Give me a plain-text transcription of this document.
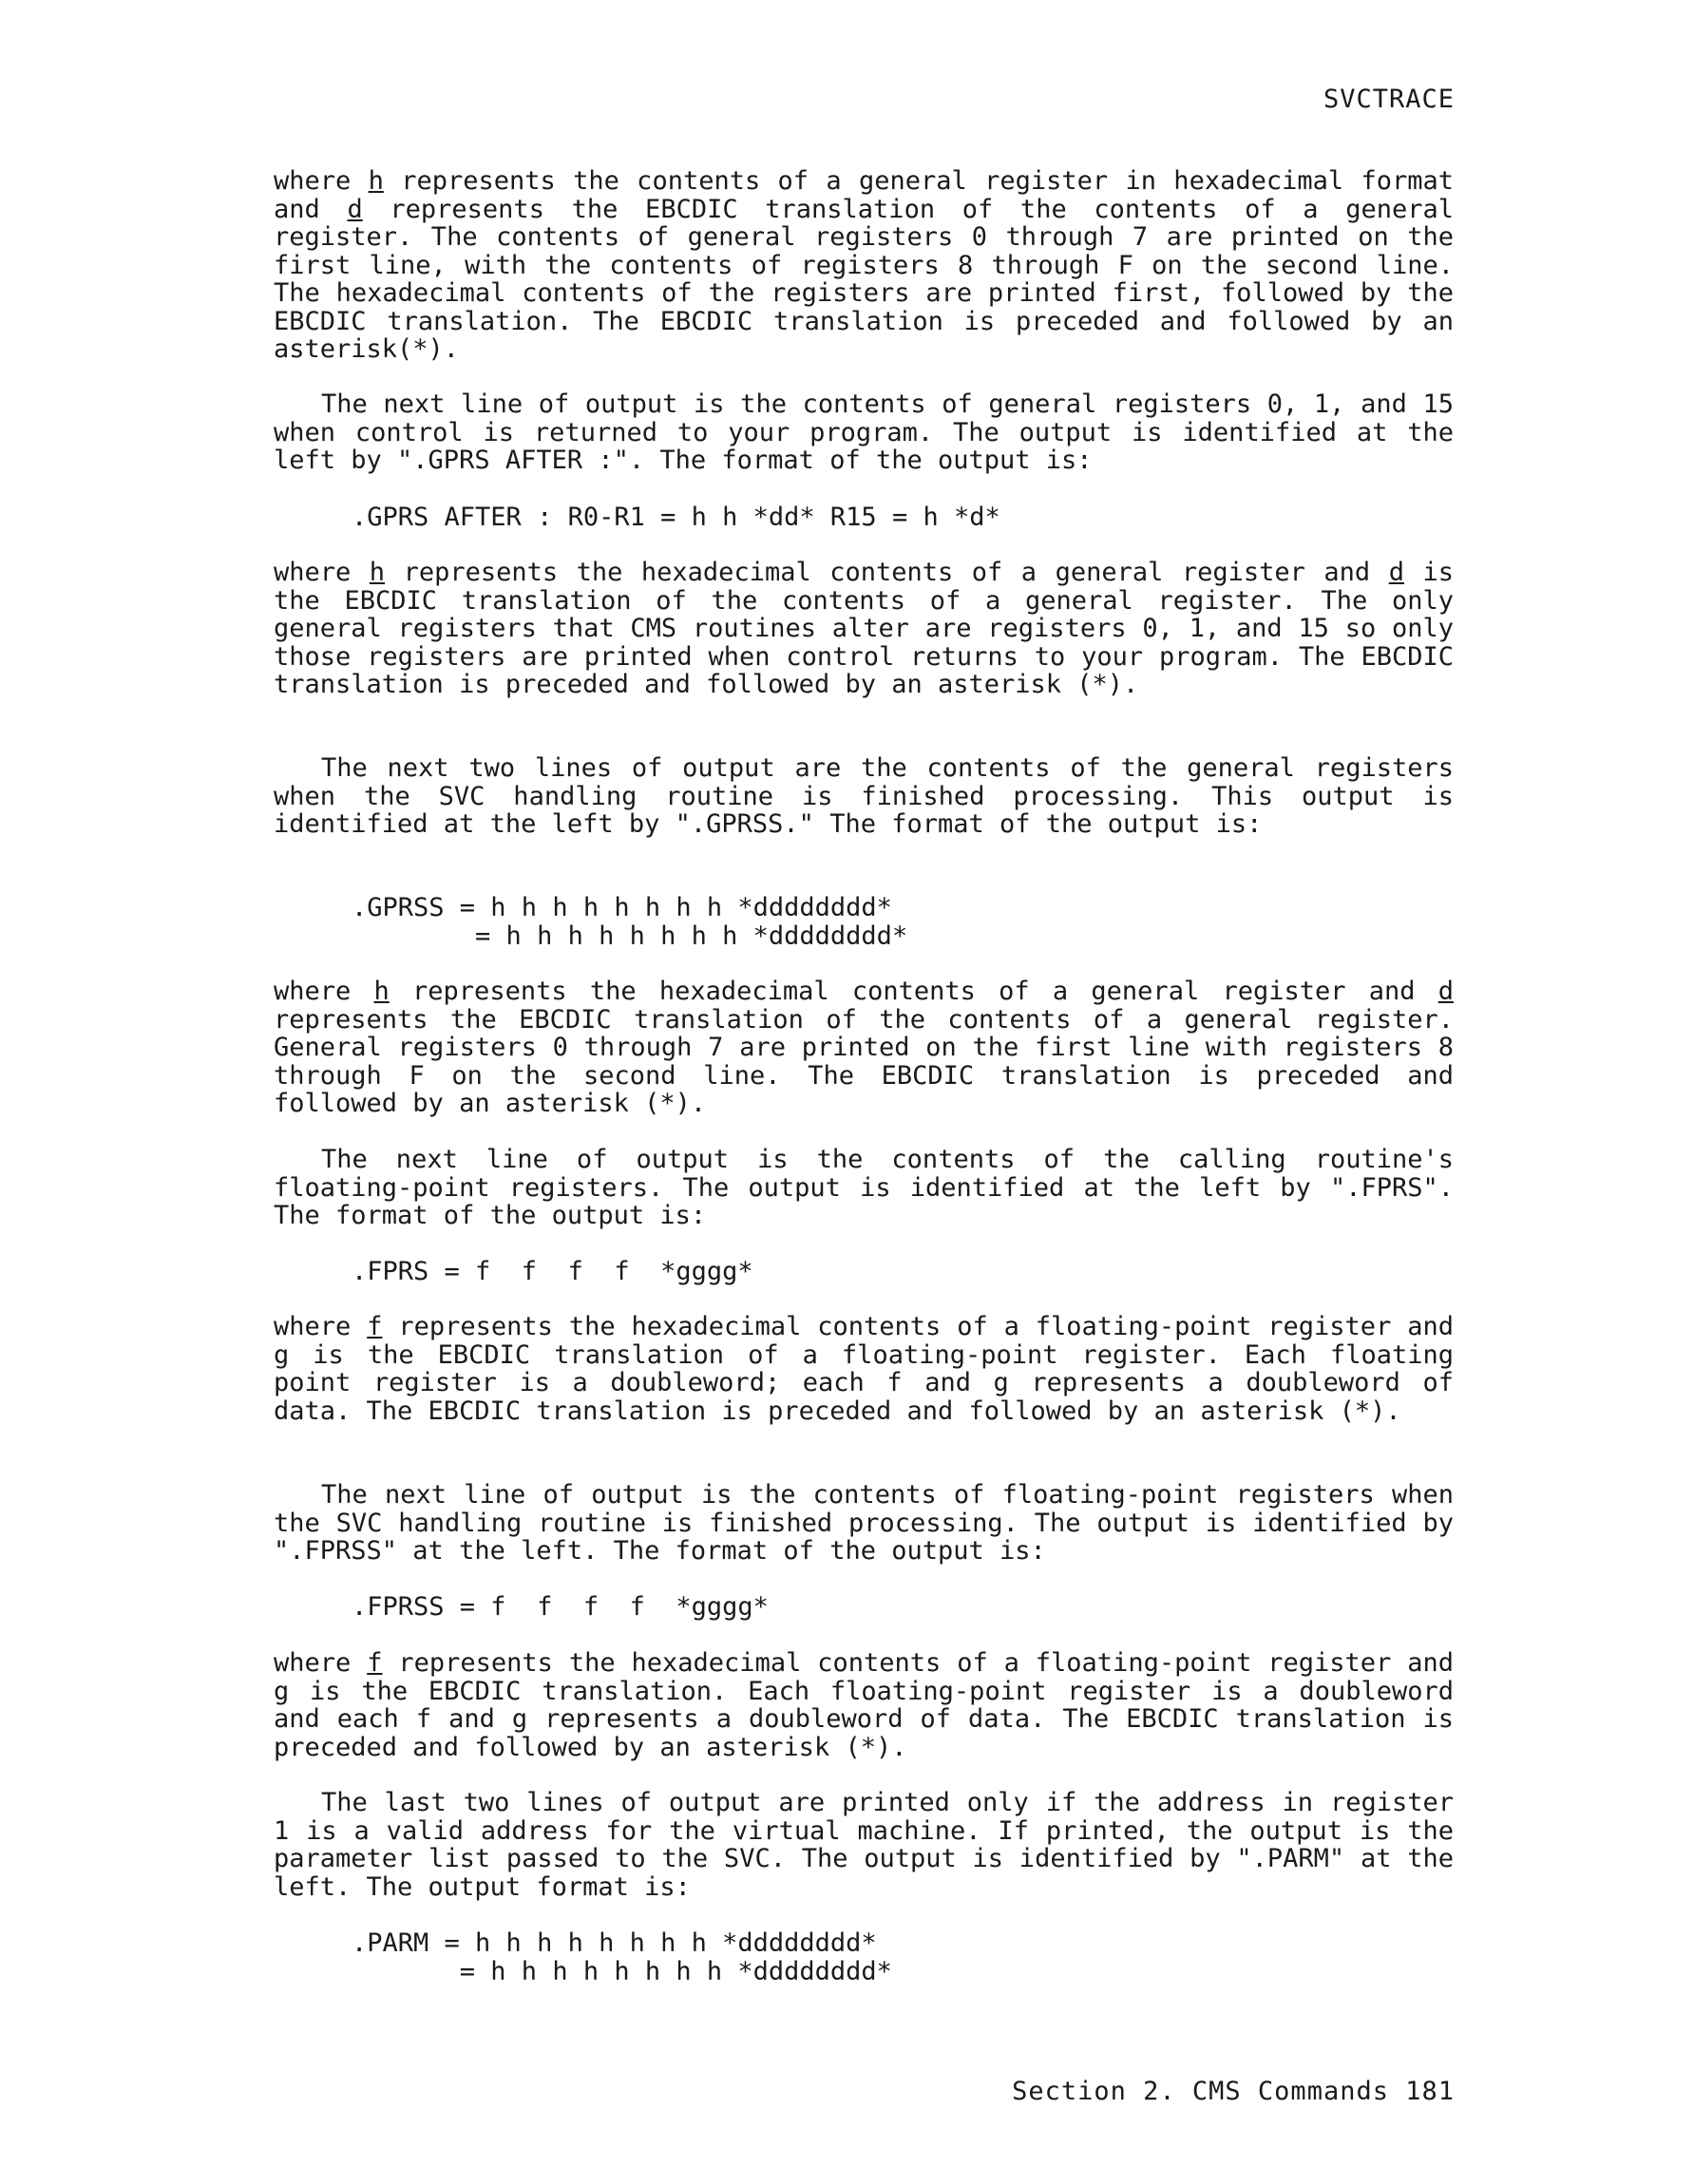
SVCTRACE

where h represents the contents of a general register in hexadecimal format and d represents the EBCDIC translation of the contents of a general register. The contents of general registers 0 through 7 are printed on the first line, with the contents of registers 8 through F on the second line. The hexadecimal contents of the registers are printed first, followed by the EBCDIC translation. The EBCDIC translation is preceded and followed by an asterisk(*).

The next line of output is the contents of general registers 0, 1, and 15 when control is returned to your program. The output is identified at the left by ".GPRS AFTER :". The format of the output is:

.GPRS AFTER : R0-R1 = h h *dd* R15 = h *d*

where h represents the hexadecimal contents of a general register and d is the EBCDIC translation of the contents of a general register. The only general registers that CMS routines alter are registers 0, 1, and 15 so only those registers are printed when control returns to your program. The EBCDIC translation is preceded and followed by an asterisk (*).

The next two lines of output are the contents of the general registers when the SVC handling routine is finished processing. This output is identified at the left by ".GPRSS." The format of the output is:

.GPRSS = h h h h h h h h *dddddddd*
= h h h h h h h h *dddddddd*

where h represents the hexadecimal contents of a general register and d represents the EBCDIC translation of the contents of a general register. General registers 0 through 7 are printed on the first line with registers 8 through F on the second line. The EBCDIC translation is preceded and followed by an asterisk (*).

The next line of output is the contents of the calling routine's floating-point registers. The output is identified at the left by ".FPRS". The format of the output is:

.FPRS = f  f  f  f  *gggg*

where f represents the hexadecimal contents of a floating-point register and g is the EBCDIC translation of a floating-point register. Each floating point register is a doubleword; each f and g represents a doubleword of data. The EBCDIC translation is preceded and followed by an asterisk (*).

The next line of output is the contents of floating-point registers when the SVC handling routine is finished processing. The output is identified by ".FPRSS" at the left. The format of the output is:

.FPRSS = f  f  f  f  *gggg*

where f represents the hexadecimal contents of a floating-point register and g is the EBCDIC translation. Each floating-point register is a doubleword and each f and g represents a doubleword of data. The EBCDIC translation is preceded and followed by an asterisk (*).

The last two lines of output are printed only if the address in register 1 is a valid address for the virtual machine. If printed, the output is the parameter list passed to the SVC. The output is identified by ".PARM" at the left. The output format is:

.PARM = h h h h h h h h *dddddddd*
= h h h h h h h h *dddddddd*
Section 2. CMS Commands 181
